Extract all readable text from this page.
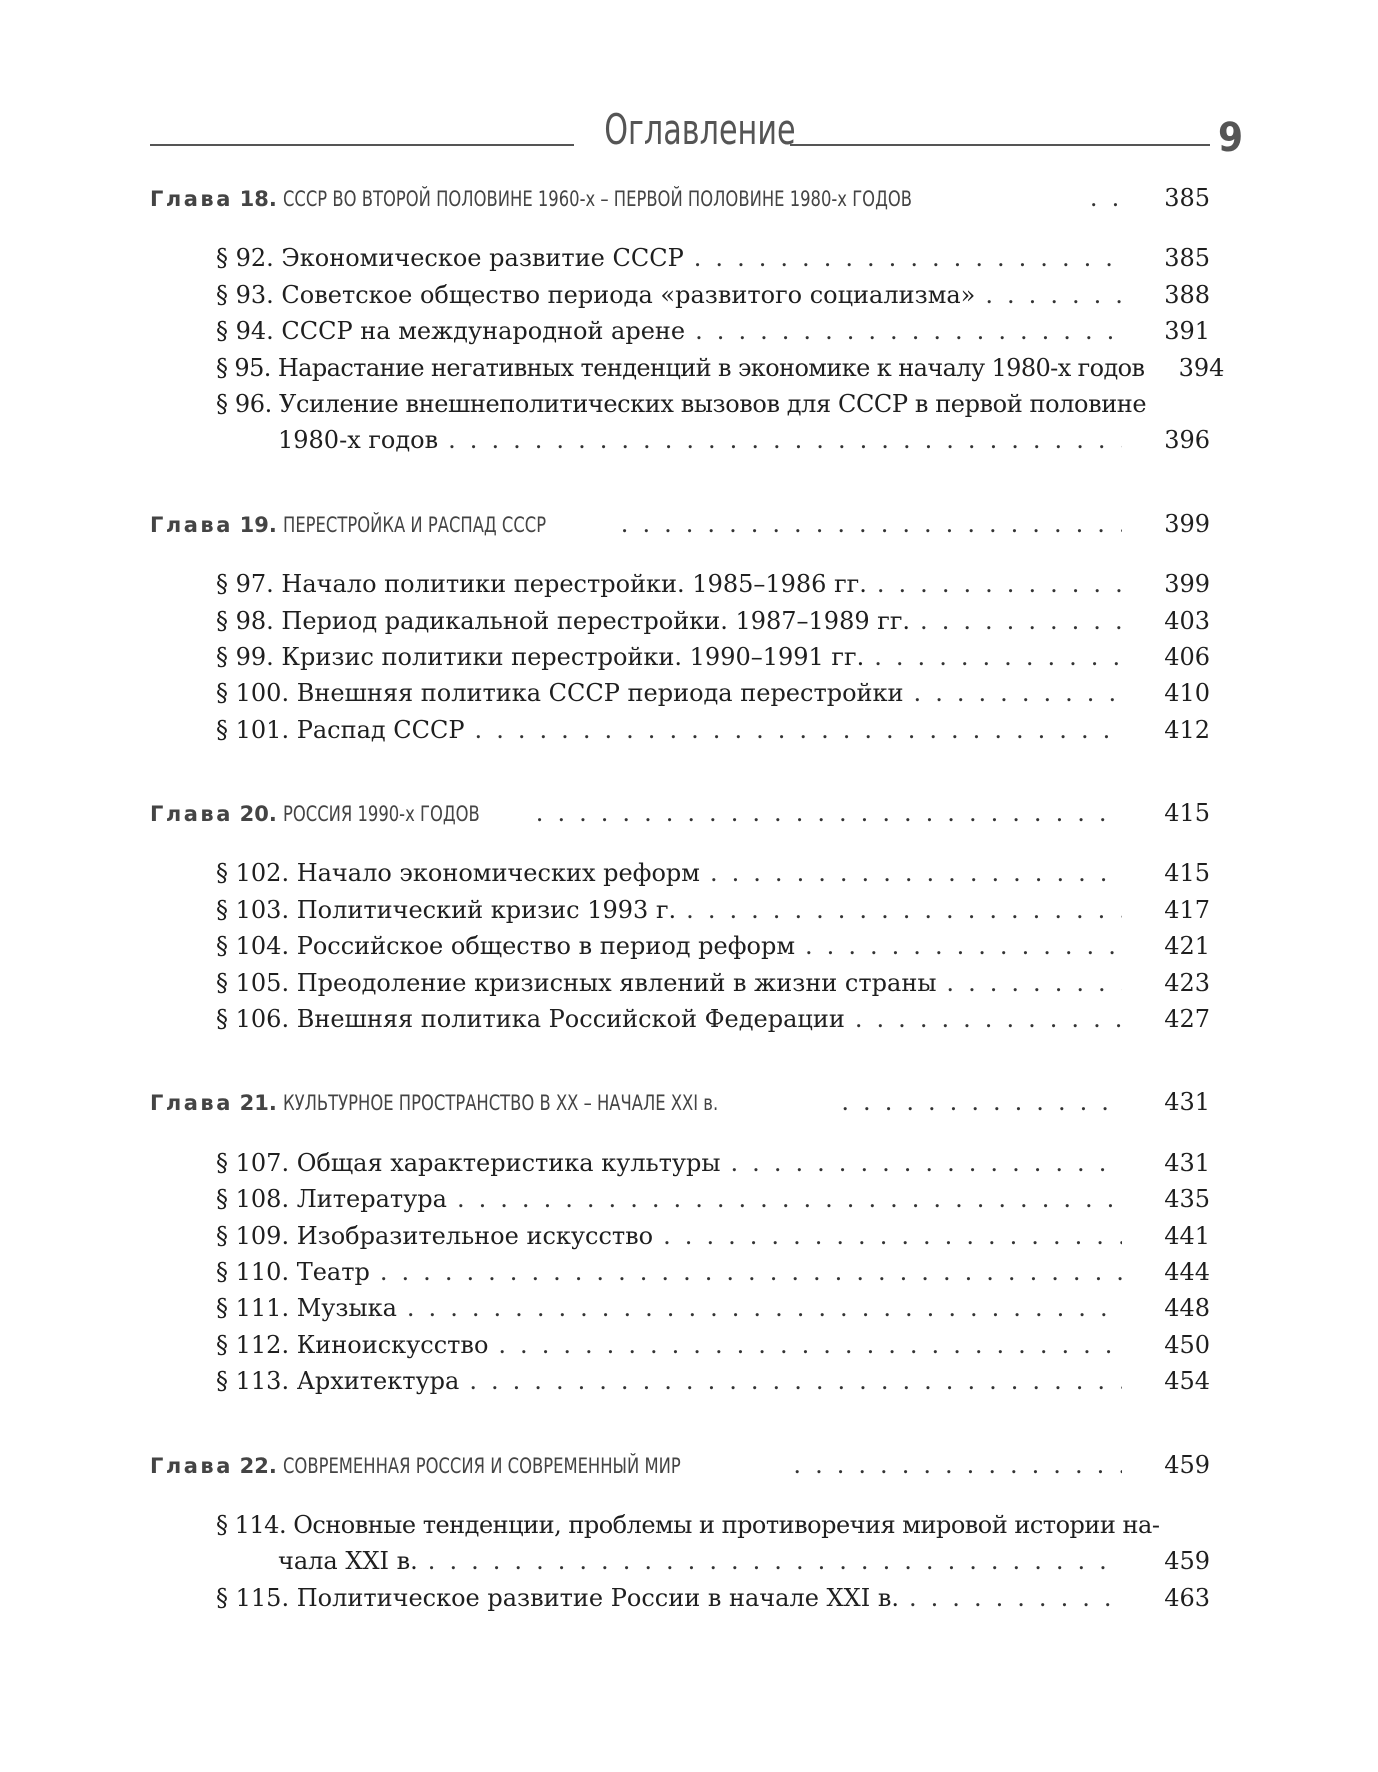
Оглавление	9
Глава 18. СССР ВО ВТОРОЙ ПОЛОВИНЕ 1960-х – ПЕРВОЙ ПОЛОВИНЕ 1980-х ГОДОВ . . .	385
§ 92. Экономическое развитие СССР . . .	385
§ 93. Советское общество периода «развитого социализма» . . .	388
§ 94. СССР на международной арене . . .	391
§ 95. Нарастание негативных тенденций в экономике к началу 1980-х годов	394
§ 96. Усиление внешнеполитических вызовов для СССР в первой половине
1980-х годов . . .	396
Глава 19. ПЕРЕСТРОЙКА И РАСПАД СССР . . .	399
§ 97. Начало политики перестройки. 1985–1986 гг. . . .	399
§ 98. Период радикальной перестройки. 1987–1989 гг. . . .	403
§ 99. Кризис политики перестройки. 1990–1991 гг. . . .	406
§ 100. Внешняя политика СССР периода перестройки . . .	410
§ 101. Распад СССР . . .	412
Глава 20. РОССИЯ 1990-х ГОДОВ . . .	415
§ 102. Начало экономических реформ . . .	415
§ 103. Политический кризис 1993 г. . . .	417
§ 104. Российское общество в период реформ . . .	421
§ 105. Преодоление кризисных явлений в жизни страны . . .	423
§ 106. Внешняя политика Российской Федерации . . .	427
Глава 21. КУЛЬТУРНОЕ ПРОСТРАНСТВО В XX – НАЧАЛЕ XXI в. . . .	431
§ 107. Общая характеристика культуры . . .	431
§ 108. Литература . . .	435
§ 109. Изобразительное искусство . . .	441
§ 110. Театр . . .	444
§ 111. Музыка . . .	448
§ 112. Киноискусство . . .	450
§ 113. Архитектура . . .	454
Глава 22. СОВРЕМЕННАЯ РОССИЯ И СОВРЕМЕННЫЙ МИР . . .	459
§ 114. Основные тенденции, проблемы и противоречия мировой истории на-
чала XXI в. . . .	459
§ 115. Политическое развитие России в начале XXI в. . . .	463
